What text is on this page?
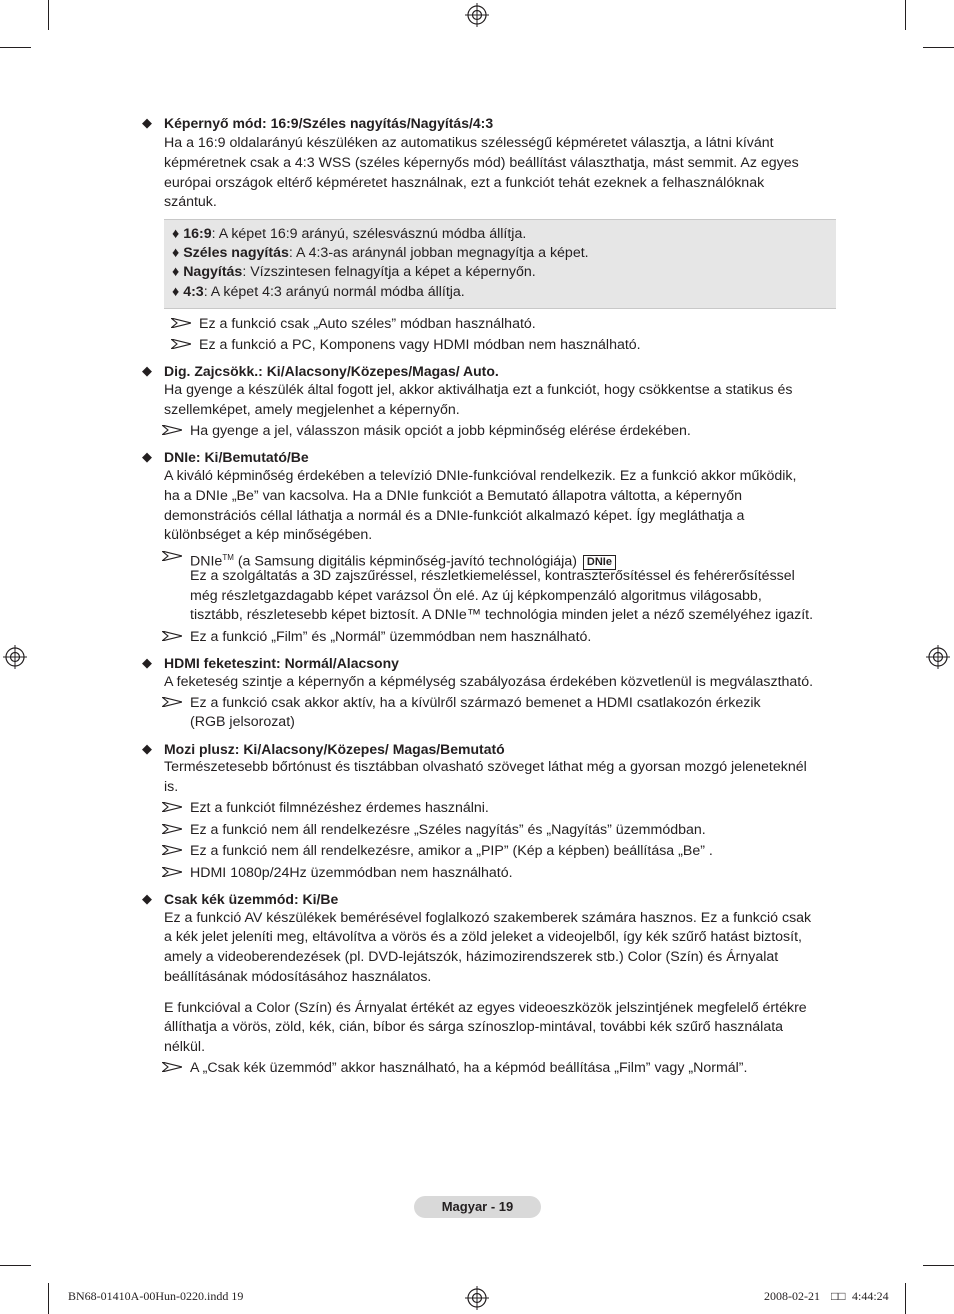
◆ Képernyő mód: 16:9/Széles nagyítás/Nagyítás/4:3
Ha a 16:9 oldalarányú készüléken az automatikus szélességű képméretet választja, a látni kívánt
képméretnek csak a 4:3 WSS (széles képernyős mód) beállítást választhatja, mást semmit. Az egyes
európai országok eltérő képméretet használnak, ezt a funkciót tehát ezeknek a felhasználóknak
szántuk.
♦ 16:9: A képet 16:9 arányú, szélesvásznú módba állítja.
♦ Széles nagyítás: A 4:3-as aránynál jobban megnagyítja a képet.
♦ Nagyítás: Vízszintesen felnagyítja a képet a képernyőn.
♦ 4:3: A képet 4:3 arányú normál módba állítja.
Ez a funkció csak „Auto széles” módban használható.
Ez a funkció a PC, Komponens vagy HDMI módban nem használható.
◆ Dig. Zajcsökk.: Ki/Alacsony/Közepes/Magas/ Auto.
Ha gyenge a készülék által fogott jel, akkor aktiválhatja ezt a funkciót, hogy csökkentse a statikus és
szellemképet, amely megjelenhet a képernyőn.
Ha gyenge a jel, válasszon másik opciót a jobb képminőség elérése érdekében.
◆ DNIe: Ki/Bemutató/Be
A kiváló képminőség érdekében a televízió DNIe-funkcióval rendelkezik. Ez a funkció akkor működik,
ha a DNIe „Be” van kacsolva. Ha a DNIe funkciót a Bemutató állapotra váltotta, a képernyőn
demonstrációs céllal láthatja a normál és a DNIe-funkciót alkalmazó képet. Így megláthatja a
különbséget a kép minőségében.
DNIe™ (a Samsung digitális képminőség-javító technológiája) DNIe
Ez a szolgáltatás a 3D zajszűréssel, részletkiemeléssel, kontraszterősítéssel és fehérerősítéssel
még részletgazdagabb képet varázsol Ön elé. Az új képkompenzáló algoritmus világosabb,
tisztább, részletesebb képet biztosít. A DNIe™ technológia minden jelet a néző személyéhez igazít.
Ez a funkció „Film” és „Normál” üzemmódban nem használható.
◆ HDMI feketeszint: Normál/Alacsony
A feketeség szintje a képernyőn a képmélység szabályozása érdekében közvetlenül is megválasztható.
Ez a funkció csak akkor aktív, ha a kívülről származó bemenet a HDMI csatlakozón érkezik
(RGB jelsorozat)
◆ Mozi plusz: Ki/Alacsony/Közepes/ Magas/Bemutató
Természetesebb bőrtónust és tisztábban olvasható szöveget láthat még a gyorsan mozgó jeleneteknél
is.
Ezt a funkciót filmnézéshez érdemes használni.
Ez a funkció nem áll rendelkezésre „Széles nagyítás” és „Nagyítás” üzemmódban.
Ez a funkció nem áll rendelkezésre, amikor a „PIP” (Kép a képben) beállítása „Be” .
HDMI 1080p/24Hz üzemmódban nem használható.
◆ Csak kék üzemmód: Ki/Be
Ez a funkció AV készülékek bemérésével foglalkozó szakemberek számára hasznos. Ez a funkció csak
a kék jelet jeleníti meg, eltávolítva a vörös és a zöld jeleket a videojelből, így kék szűrő hatást biztosít,
amely a videoberendezések (pl. DVD-lejátszók, házimozirendszerek stb.) Color (Szín) és Árnyalat
beállításának módosításához használatos.
E funkcióval a Color (Szín) és Árnyalat értékét az egyes videoeszközök jelszintjének megfelelő értékre
állíthatja a vörös, zöld, kék, cián, bíbor és sárga színoszlop-mintával, további kék szűrő használata
nélkül.
A „Csak kék üzemmód” akkor használható, ha a képmód beállítása „Film” vagy „Normál”.
Magyar - 19
BN68-01410A-00Hun-0220.indd 19	2008-02-21 □□ 4:44:24
